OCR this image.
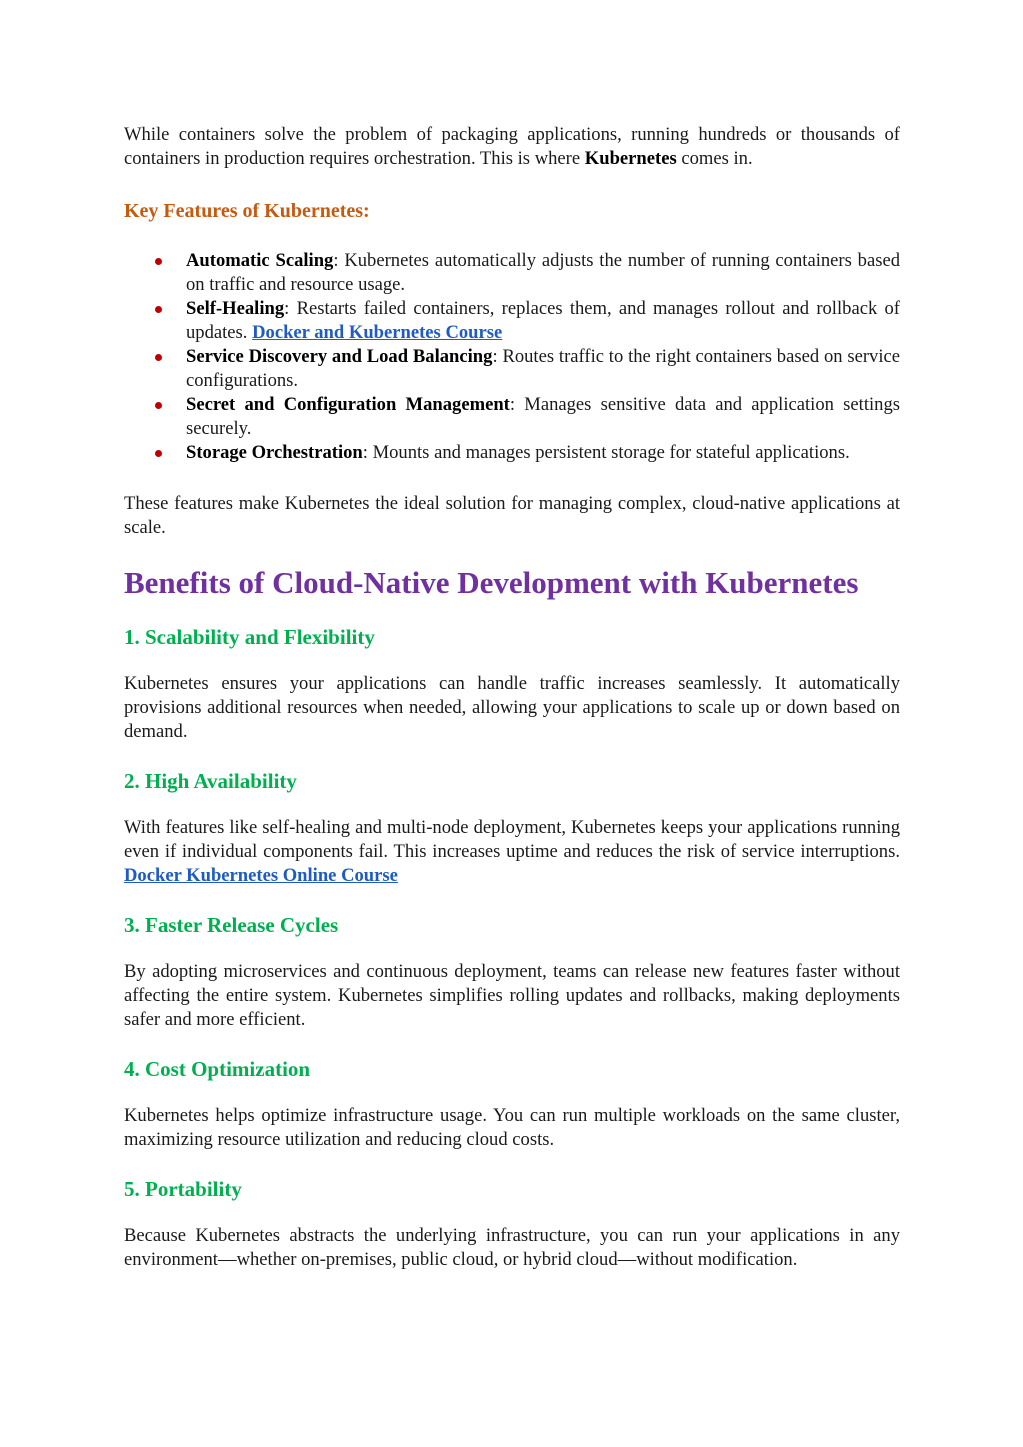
While containers solve the problem of packaging applications, running hundreds or thousands of containers in production requires orchestration. This is where Kubernetes comes in.

Key Features of Kubernetes:
Automatic Scaling: Kubernetes automatically adjusts the number of running containers based on traffic and resource usage.
Self-Healing: Restarts failed containers, replaces them, and manages rollout and rollback of updates. Docker and Kubernetes Course
Service Discovery and Load Balancing: Routes traffic to the right containers based on service configurations.
Secret and Configuration Management: Manages sensitive data and application settings securely.
Storage Orchestration: Mounts and manages persistent storage for stateful applications.

These features make Kubernetes the ideal solution for managing complex, cloud-native applications at scale.

Benefits of Cloud-Native Development with Kubernetes
1. Scalability and Flexibility

Kubernetes ensures your applications can handle traffic increases seamlessly. It automatically provisions additional resources when needed, allowing your applications to scale up or down based on demand.

2. High Availability

With features like self-healing and multi-node deployment, Kubernetes keeps your applications running even if individual components fail. This increases uptime and reduces the risk of service interruptions. Docker Kubernetes Online Course

3. Faster Release Cycles

By adopting microservices and continuous deployment, teams can release new features faster without affecting the entire system. Kubernetes simplifies rolling updates and rollbacks, making deployments safer and more efficient.

4. Cost Optimization

Kubernetes helps optimize infrastructure usage. You can run multiple workloads on the same cluster, maximizing resource utilization and reducing cloud costs.

5. Portability

Because Kubernetes abstracts the underlying infrastructure, you can run your applications in any environment—whether on-premises, public cloud, or hybrid cloud—without modification.
